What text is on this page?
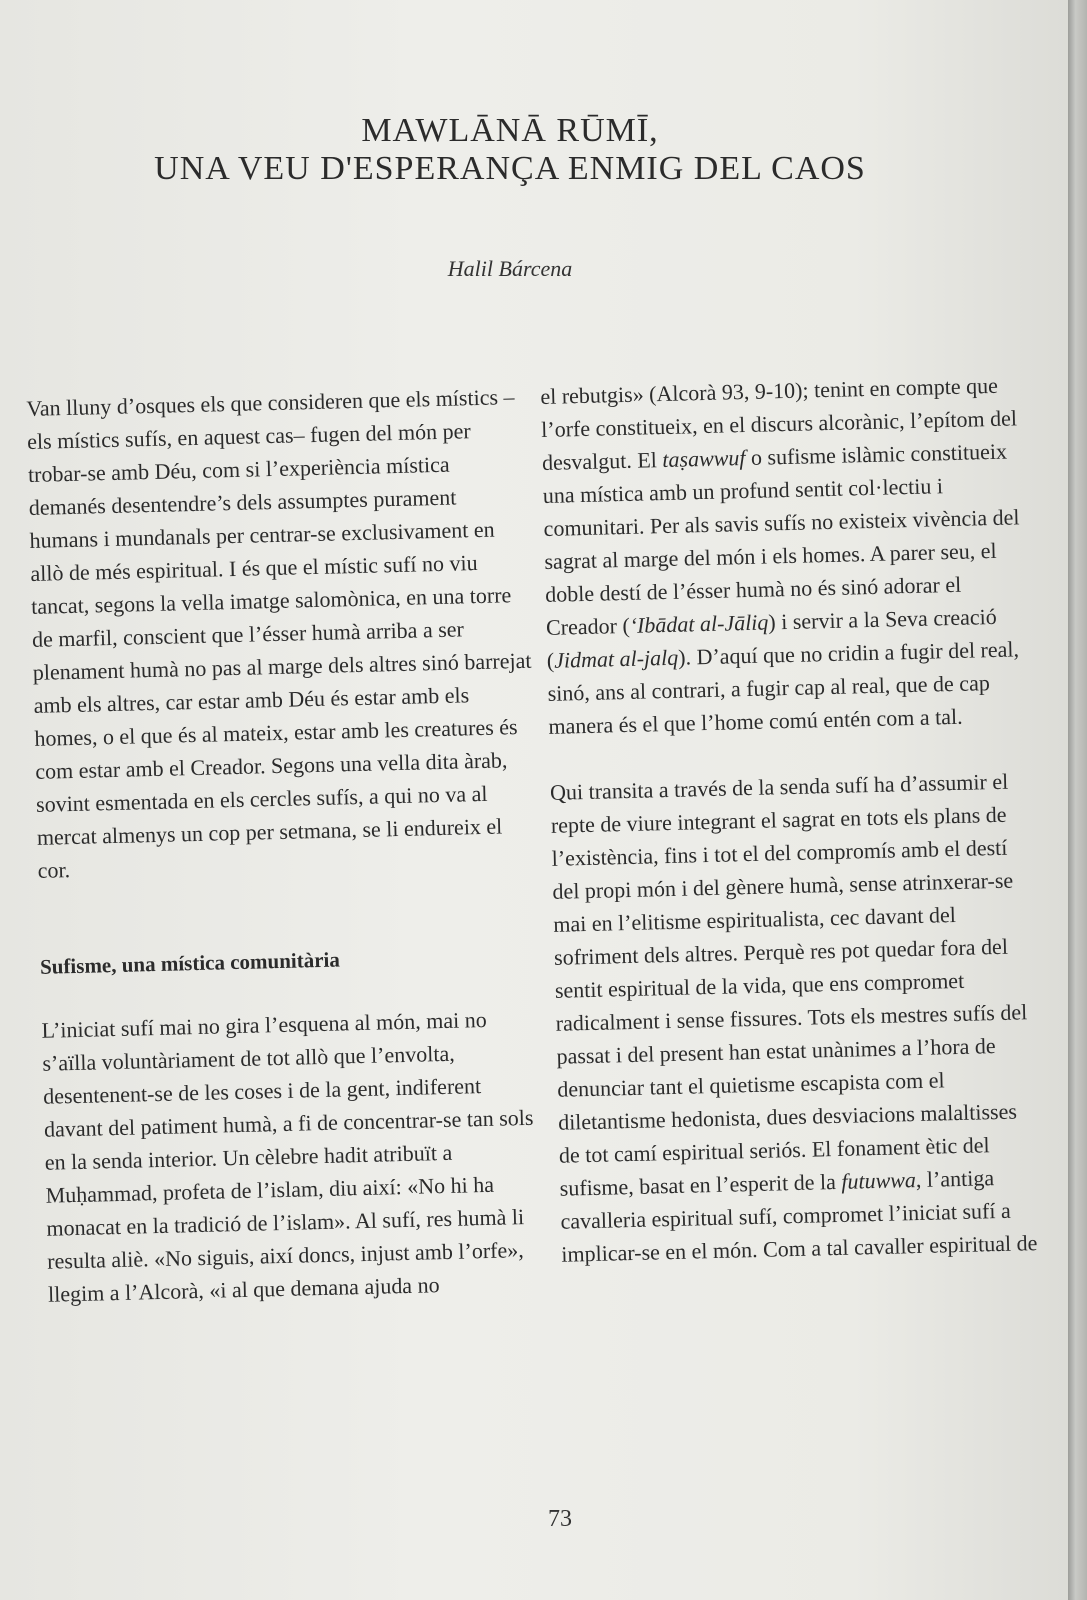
MAWLĀNĀ RŪMĪ,
UNA VEU D'ESPERANÇA ENMIG DEL CAOS
Halil Bárcena

Van lluny d’osques els que consideren que els místics –els místics sufís, en aquest cas– fugen del món per trobar-se amb Déu, com si l’experiència mística demanés desentendre’s dels assumptes purament humans i mundanals per centrar-se exclusivament en allò de més espiritual. I és que el místic sufí no viu tancat, segons la vella imatge salomònica, en una torre de marfil, conscient que l’ésser humà arriba a ser plenament humà no pas al marge dels altres sinó barrejat amb els altres, car estar amb Déu és estar amb els homes, o el que és al mateix, estar amb les creatures és com estar amb el Creador. Segons una vella dita àrab, sovint esmentada en els cercles sufís, a qui no va al mercat almenys un cop per setmana, se li endureix el cor.

Sufisme, una mística comunitària

L’iniciat sufí mai no gira l’esquena al món, mai no s’aïlla voluntàriament de tot allò que l’envolta, desentenent-se de les coses i de la gent, indiferent davant del patiment humà, a fi de concentrar-se tan sols en la senda interior. Un cèlebre hadit atribuït a Muḥammad, profeta de l’islam, diu així: «No hi ha monacat en la tradició de l’islam». Al sufí, res humà li resulta aliè. «No siguis, així doncs, injust amb l’orfe», llegim a l’Alcorà, «i al que demana ajuda no

el rebutgis» (Alcorà 93, 9-10); tenint en compte que l’orfe constitueix, en el discurs alcorànic, l’epítom del desvalgut. El taṣawwuf o sufisme islàmic constitueix una mística amb un profund sentit col·lectiu i comunitari. Per als savis sufís no existeix vivència del sagrat al marge del món i els homes. A parer seu, el doble destí de l’ésser humà no és sinó adorar el Creador (‘Ibādat al-Jāliq) i servir a la Seva creació (Jidmat al-jalq). D’aquí que no cridin a fugir del real, sinó, ans al contrari, a fugir cap al real, que de cap manera és el que l’home comú entén com a tal.

Qui transita a través de la senda sufí ha d’assumir el repte de viure integrant el sagrat en tots els plans de l’existència, fins i tot el del compromís amb el destí del propi món i del gènere humà, sense atrinxerar-se mai en l’elitisme espiritualista, cec davant del sofriment dels altres. Perquè res pot quedar fora del sentit espiritual de la vida, que ens compromet radicalment i sense fissures. Tots els mestres sufís del passat i del present han estat unànimes a l’hora de denunciar tant el quietisme escapista com el diletantisme hedonista, dues desviacions malaltisses de tot camí espiritual seriós. El fonament ètic del sufisme, basat en l’esperit de la futuwwa, l’antiga cavalleria espiritual sufí, compromet l’iniciat sufí a implicar-se en el món. Com a tal cavaller espiritual de

73
